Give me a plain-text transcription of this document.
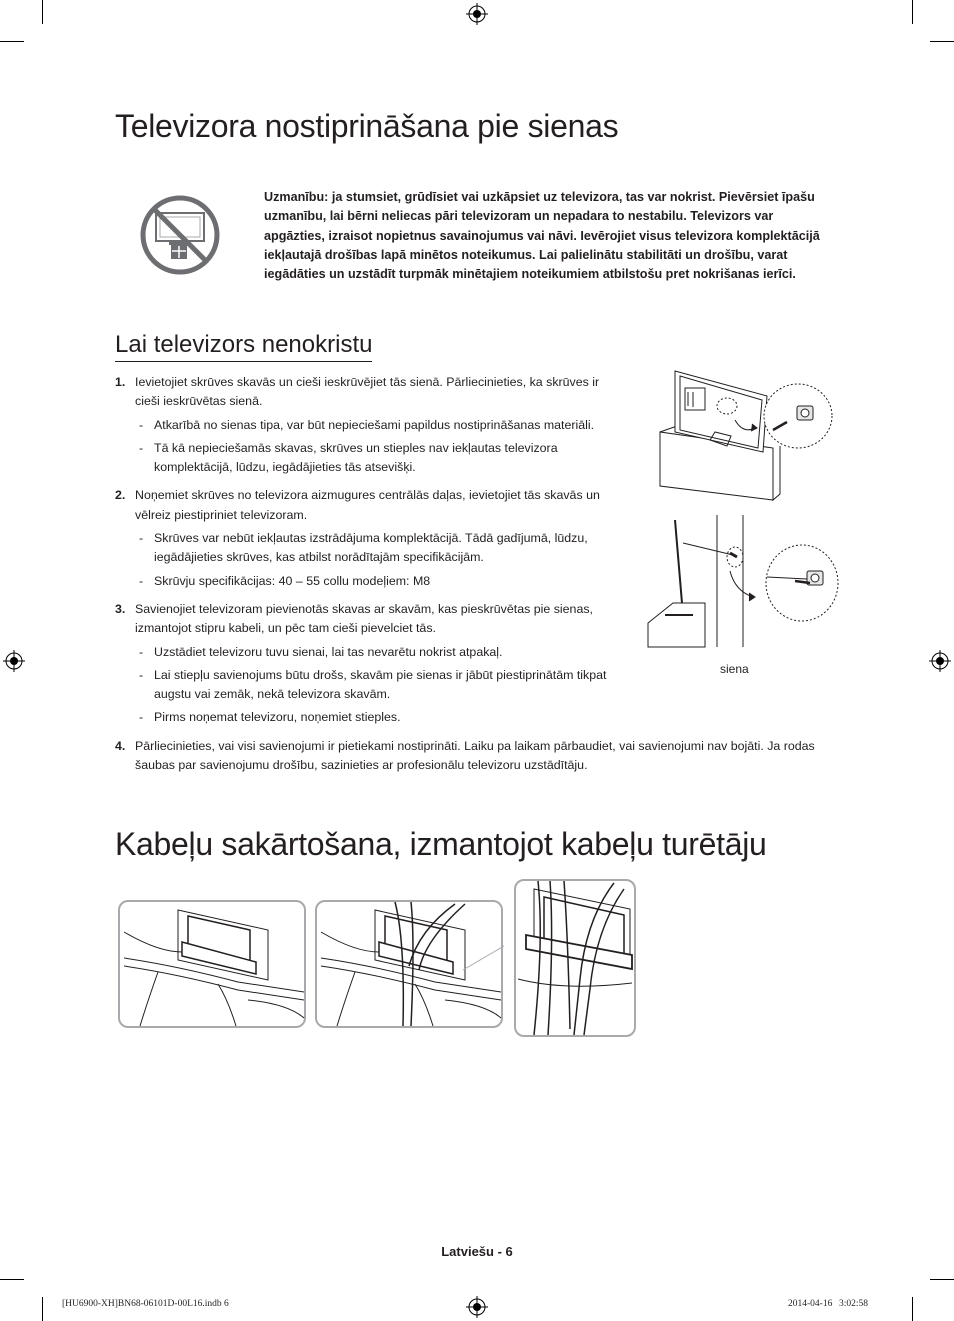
Televizora nostiprināšana pie sienas
Uzmanību: ja stumsiet, grūdīsiet vai uzkāpsiet uz televizora, tas var nokrist. Pievērsiet īpašu uzmanību, lai bērni neliecas pāri televizoram un nepadara to nestabilu. Televizors var apgāzties, izraisot nopietnus savainojumus vai nāvi. Ievērojiet visus televizora komplektācijā iekļautajā drošības lapā minētos noteikumus. Lai palielinātu stabilitāti un drošību, varat iegādāties un uzstādīt turpmāk minētajiem noteikumiem atbilstošu pret nokrišanas ierīci.
Lai televizors nenokristu
1. Ievietojiet skrūves skavās un cieši ieskrūvējiet tās sienā. Pārliecinieties, ka skrūves ir cieši ieskrūvētas sienā.
- Atkarībā no sienas tipa, var būt nepieciešami papildus nostiprināšanas materiāli.
- Tā kā nepieciešamās skavas, skrūves un stieples nav iekļautas televizora komplektācijā, lūdzu, iegādājieties tās atsevišķi.
2. Noņemiet skrūves no televizora aizmugures centrālās daļas, ievietojiet tās skavās un vēlreiz piestipriniet televizoram.
- Skrūves var nebūt iekļautas izstrādājuma komplektācijā. Tādā gadījumā, lūdzu, iegādājieties skrūves, kas atbilst norādītajām specifikācijām.
- Skrūvju specifikācijas: 40 – 55 collu modeļiem: M8
3. Savienojiet televizoram pievienotās skavas ar skavām, kas pieskrūvētas pie sienas, izmantojot stipru kabeli, un pēc tam cieši pievelciet tās.
- Uzstādiet televizoru tuvu sienai, lai tas nevarētu nokrist atpakaļ.
- Lai stiepļu savienojums būtu drošs, skavām pie sienas ir jābūt piestiprinātām tikpat augstu vai zemāk, nekā televizora skavām.
- Pirms noņemat televizoru, noņemiet stieples.
4. Pārliecinieties, vai visi savienojumi ir pietiekami nostiprināti. Laiku pa laikam pārbaudiet, vai savienojumi nav bojāti. Ja rodas šaubas par savienojumu drošību, sazinieties ar profesionālu televizoru uzstādītāju.
siena
Kabeļu sakārtošana, izmantojot kabeļu turētāju
Latviešu - 6
[HU6900-XH]BN68-06101D-00L16.indb 6	2014-04-16   3:02:58
